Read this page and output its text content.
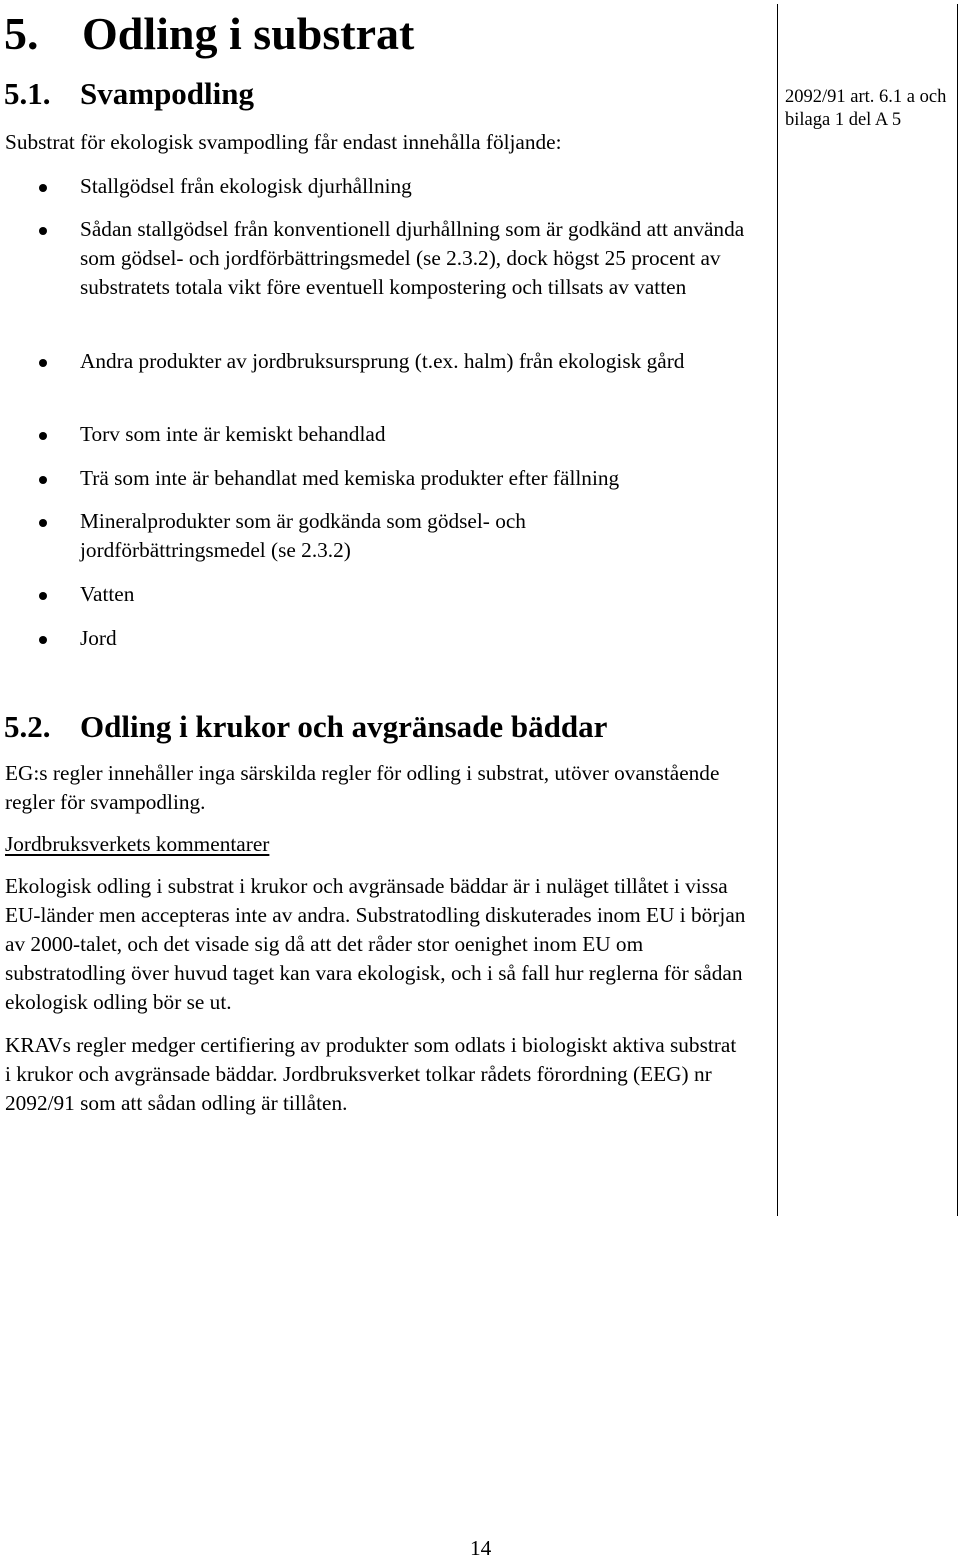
5. Odling i substrat
5.1. Svampodling

Substrat för ekologisk svampodling får endast innehålla följande:

Stallgödsel från ekologisk djurhållning
Sådan stallgödsel från konventionell djurhållning som är godkänd att använda som gödsel- och jordförbättringsmedel (se 2.3.2), dock högst 25 procent av substratets totala vikt före eventuell kompostering och tillsats av vatten
Andra produkter av jordbruksursprung (t.ex. halm) från ekologisk gård
Torv som inte är kemiskt behandlad
Trä som inte är behandlat med kemiska produkter efter fällning
Mineralprodukter som är godkända som gödsel- och jordförbättringsmedel (se 2.3.2)
Vatten
Jord
5.2. Odling i krukor och avgränsade bäddar

EG:s regler innehåller inga särskilda regler för odling i substrat, utöver ovanstående regler för svampodling.

Jordbruksverkets kommentarer

Ekologisk odling i substrat i krukor och avgränsade bäddar är i nuläget tillåtet i vissa EU-länder men accepteras inte av andra. Substratodling diskuterades inom EU i början av 2000-talet, och det visade sig då att det råder stor oenighet inom EU om substratodling över huvud taget kan vara ekologisk, och i så fall hur reglerna för sådan ekologisk odling bör se ut.

KRAVs regler medger certifiering av produkter som odlats i biologiskt aktiva substrat i krukor och avgränsade bäddar. Jordbruksverket tolkar rådets förordning (EEG) nr 2092/91 som att sådan odling är tillåten.

2092/91 art. 6.1 a och bilaga 1 del A 5
14
